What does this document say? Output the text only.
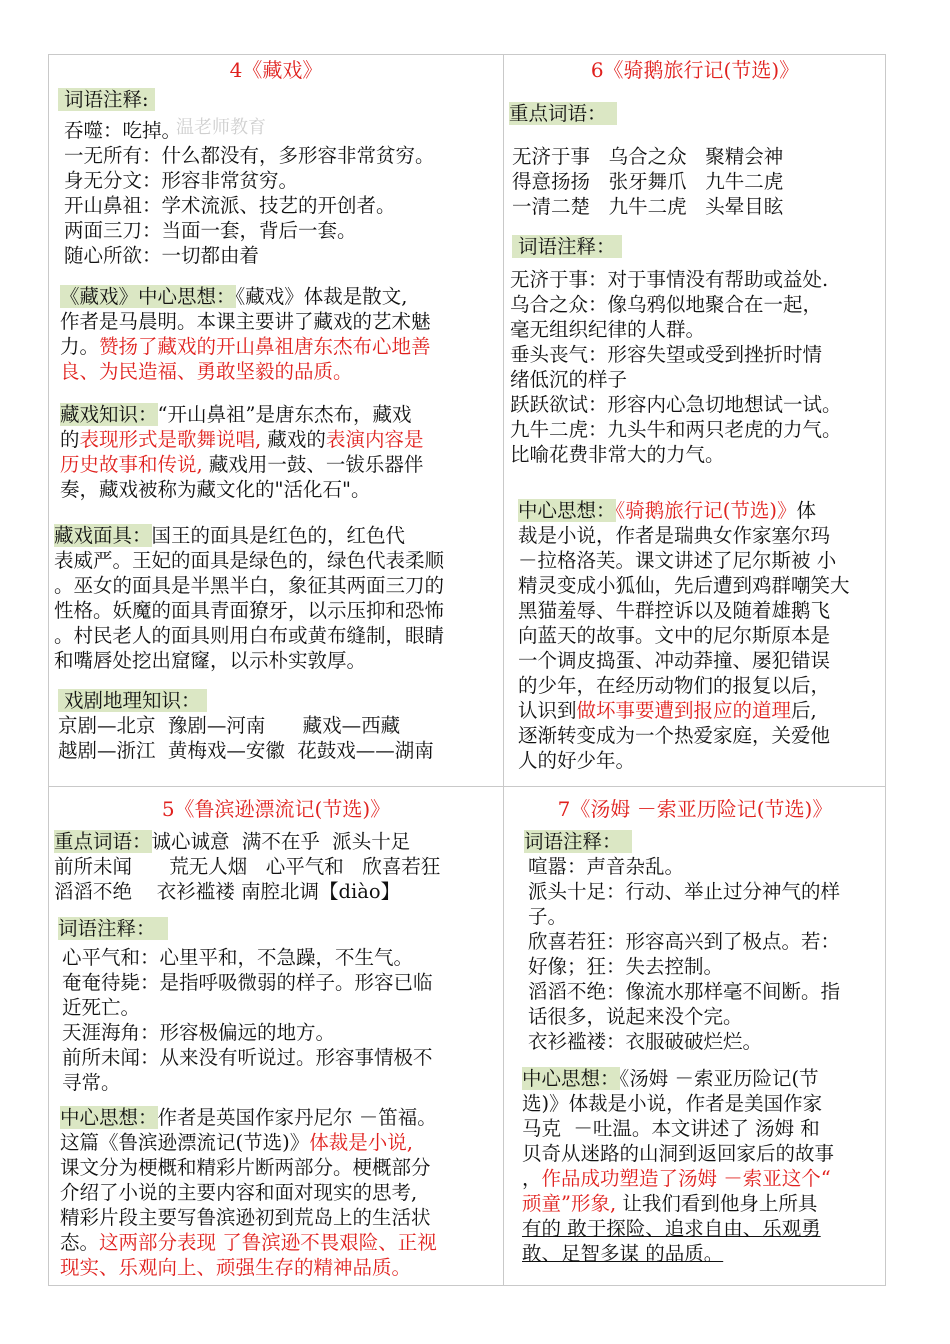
温老师教育
4《藏戏》
词语注释:
吞噬：吃掉。
一无所有：什么都没有，多形容非常贫穷。
身无分文：形容非常贫穷。
开山鼻祖：学术流派、技艺的开创者。
两面三刀：当面一套，背后一套。
随心所欲：一切都由着
《藏戏》中心思想：《藏戏》体裁是散文,
作者是马晨明。本课主要讲了藏戏的艺术魅
力。赞扬了藏戏的开山鼻祖唐东杰布心地善
良、为民造福、勇敢坚毅的品质。
藏戏知识：“开山鼻祖”是唐东杰布，藏戏
的表现形式是歌舞说唱, 藏戏的表演内容是
历史故事和传说, 藏戏用一鼓、一钹乐器伴
奏，藏戏被称为藏文化的"活化石"。
藏戏面具：国王的面具是红色的，红色代
表威严。王妃的面具是绿色的，绿色代表柔顺
。巫女的面具是半黑半白，象征其两面三刀的
性格。妖魔的面具青面獠牙，以示压抑和恐怖
。村民老人的面具则用白布或黄布缝制，眼睛
和嘴唇处挖出窟窿，以示朴实敦厚。
戏剧地理知识：
京剧—北京  豫剧—河南      藏戏—西藏
越剧—浙江  黄梅戏—安徽  花鼓戏——湖南
6《骑鹅旅行记(节选)》
重点词语：
无济于事   乌合之众   聚精会神
得意扬扬   张牙舞爪   九牛二虎
一清二楚   九牛二虎   头晕目眩
词语注释：
无济于事：对于事情没有帮助或益处.
乌合之众：像乌鸦似地聚合在一起，
毫无组织纪律的人群。
垂头丧气：形容失望或受到挫折时情
绪低沉的样子
跃跃欲试：形容内心急切地想试一试。
九牛二虎：九头牛和两只老虎的力气。
比喻花费非常大的力气。
中心思想：《骑鹅旅行记(节选)》体
裁是小说，作者是瑞典女作家塞尔玛
－拉格洛芙。课文讲述了尼尔斯被 小
精灵变成小狐仙，先后遭到鸡群嘲笑大
黑猫羞辱、牛群控诉以及随着雄鹅飞
向蓝天的故事。文中的尼尔斯原本是
一个调皮捣蛋、冲动莽撞、屡犯错误
的少年，在经历动物们的报复以后，
认识到做坏事要遭到报应的道理后,
逐渐转变成为一个热爱家庭，关爱他
人的好少年。
5《鲁滨逊漂流记(节选)》
重点词语：诚心诚意  满不在乎  派头十足
前所未闻      荒无人烟   心平气和   欣喜若狂
滔滔不绝    衣衫褴褛 南腔北调【diào】
词语注释：
心平气和：心里平和，不急躁，不生气。
奄奄待毙：是指呼吸微弱的样子。形容已临
近死亡。
天涯海角：形容极偏远的地方。
前所未闻：从来没有听说过。形容事情极不
寻常。
中心思想：作者是英国作家丹尼尔 －笛福。
这篇《鲁滨逊漂流记(节选)》体裁是小说,
课文分为梗概和精彩片断两部分。梗概部分
介绍了小说的主要内容和面对现实的思考,
精彩片段主要写鲁滨逊初到荒岛上的生活状
态。这两部分表现 了鲁滨逊不畏艰险、正视
现实、乐观向上、顽强生存的精神品质。
7《汤姆 －索亚历险记(节选)》
词语注释：
喧嚣：声音杂乱。
派头十足：行动、举止过分神气的样
子。
欣喜若狂：形容高兴到了极点。若：
好像；狂：失去控制。
滔滔不绝：像流水那样毫不间断。指
话很多，说起来没个完。
衣衫褴褛：衣服破破烂烂。
中心思想：《汤姆 －索亚历险记(节
选)》体裁是小说，作者是美国作家
马克  －吐温。本文讲述了 汤姆 和
贝奇从迷路的山洞到返回家后的故事
，作品成功塑造了汤姆 －索亚这个“
顽童”形象, 让我们看到他身上所具
有的 敢于探险、追求自由、乐观勇
敢、足智多谋 的品质。
